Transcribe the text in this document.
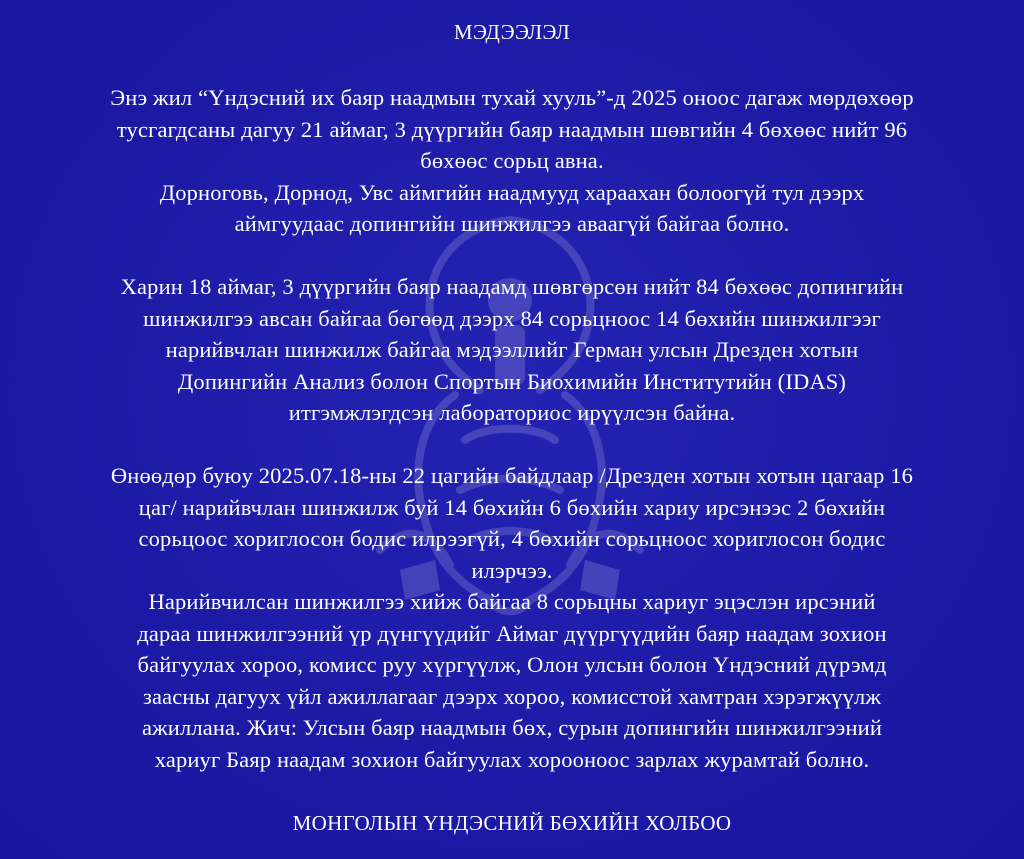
МЭДЭЭЛЭЛ
Энэ жил “Үндэсний их баяр наадмын тухай хууль”-д 2025 оноос дагаж мөрдөхөөр
тусгагдсаны дагуу 21 аймаг, 3 дүүргийн баяр наадмын шөвгийн 4 бөхөөс нийт 96
бөхөөс сорьц авна.
Дорноговь, Дорнод, Увс аймгийн наадмууд хараахан болоогүй тул дээрх
аймгуудаас допингийн шинжилгээ аваагүй байгаа болно.
Харин 18 аймаг, 3 дүүргийн баяр наадамд шөвгөрсөн нийт 84 бөхөөс допингийн
шинжилгээ авсан байгаа бөгөөд дээрх 84 сорьцноос 14 бөхийн шинжилгээг
нарийвчлан шинжилж байгаа мэдээллийг Герман улсын Дрезден хотын
Допингийн Анализ болон Спортын Биохимийн Институтийн (IDAS)
итгэмжлэгдсэн лабораториос ирүүлсэн байна.
Өнөөдөр буюу 2025.07.18-ны 22 цагийн байдлаар /Дрезден хотын хотын цагаар 16
цаг/ нарийвчлан шинжилж буй 14 бөхийн 6 бөхийн хариу ирсэнээс 2 бөхийн
сорьцоос хориглосон бодис илрээгүй, 4 бөхийн сорьцноос хориглосон бодис
илэрчээ.
Нарийвчилсан шинжилгээ хийж байгаа 8 сорьцны хариуг эцэслэн ирсэний
дараа шинжилгээний үр дүнгүүдийг Аймаг дүүргүүдийн баяр наадам зохион
байгуулах хороо, комисс руу хүргүүлж, Олон улсын болон Үндэсний дүрэмд
заасны дагуух үйл ажиллагааг дээрх хороо, комисстой хамтран хэрэгжүүлж
ажиллана. Жич: Улсын баяр наадмын бөх, сурын допингийн шинжилгээний
хариуг Баяр наадам зохион байгуулах хорооноос зарлах журамтай болно.
МОНГОЛЫН ҮНДЭСНИЙ БӨХИЙН ХОЛБОО
